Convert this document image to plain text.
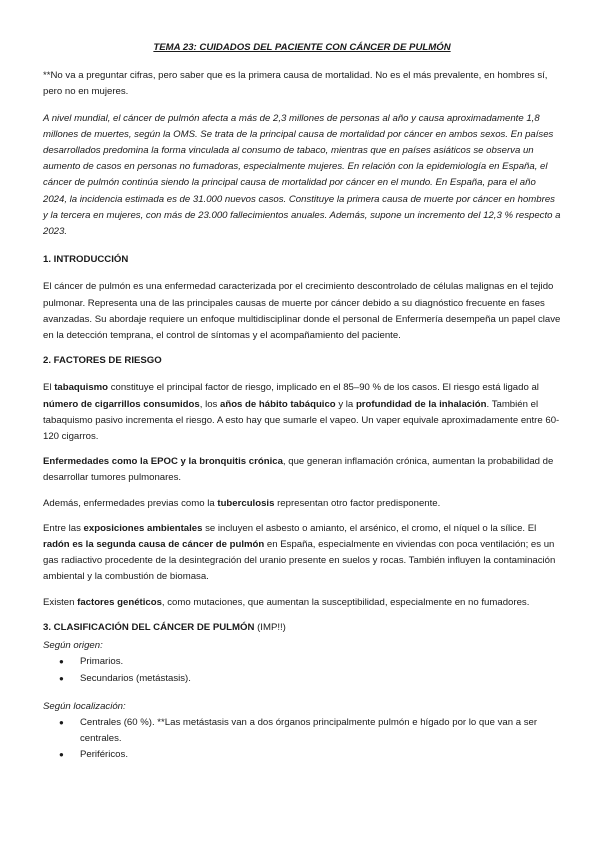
TEMA 23: CUIDADOS DEL PACIENTE CON CÁNCER DE PULMÓN

**No va a preguntar cifras, pero saber que es la primera causa de mortalidad. No es el más prevalente, en hombres sí, pero no en mujeres.

A nivel mundial, el cáncer de pulmón afecta a más de 2,3 millones de personas al año y causa aproximadamente 1,8 millones de muertes, según la OMS. Se trata de la principal causa de mortalidad por cáncer en ambos sexos. En países desarrollados predomina la forma vinculada al consumo de tabaco, mientras que en países asiáticos se observa un aumento de casos en personas no fumadoras, especialmente mujeres. En relación con la epidemiología en España, el cáncer de pulmón continúa siendo la principal causa de mortalidad por cáncer en el mundo. En España, para el año 2024, la incidencia estimada es de 31.000 nuevos casos. Constituye la primera causa de muerte por cáncer en hombres y la tercera en mujeres, con más de 23.000 fallecimientos anuales. Además, supone un incremento del 12,3 % respecto a 2023.

1. INTRODUCCIÓN

El cáncer de pulmón es una enfermedad caracterizada por el crecimiento descontrolado de células malignas en el tejido pulmonar. Representa una de las principales causas de muerte por cáncer debido a su diagnóstico frecuente en fases avanzadas. Su abordaje requiere un enfoque multidisciplinar donde el personal de Enfermería desempeña un papel clave en la detección temprana, el control de síntomas y el acompañamiento del paciente.

2. FACTORES DE RIESGO

El tabaquismo constituye el principal factor de riesgo, implicado en el 85–90 % de los casos. El riesgo está ligado al número de cigarrillos consumidos, los años de hábito tabáquico y la profundidad de la inhalación. También el tabaquismo pasivo incrementa el riesgo. A esto hay que sumarle el vapeo. Un vaper equivale aproximadamente entre 60-120 cigarros.

Enfermedades como la EPOC y la bronquitis crónica, que generan inflamación crónica, aumentan la probabilidad de desarrollar tumores pulmonares.

Además, enfermedades previas como la tuberculosis representan otro factor predisponente.

Entre las exposiciones ambientales se incluyen el asbesto o amianto, el arsénico, el cromo, el níquel o la sílice. El radón es la segunda causa de cáncer de pulmón en España, especialmente en viviendas con poca ventilación; es un gas radiactivo procedente de la desintegración del uranio presente en suelos y rocas. También influyen la contaminación ambiental y la combustión de biomasa.

Existen factores genéticos, como mutaciones, que aumentan la susceptibilidad, especialmente en no fumadores.

3. CLASIFICACIÓN DEL CÁNCER DE PULMÓN (IMP!!)

Según origen:

● Primarios.
● Secundarios (metástasis).

Según localización:

● Centrales (60 %). **Las metástasis van a dos órganos principalmente pulmón e hígado por lo que van a ser centrales.
● Periféricos.
